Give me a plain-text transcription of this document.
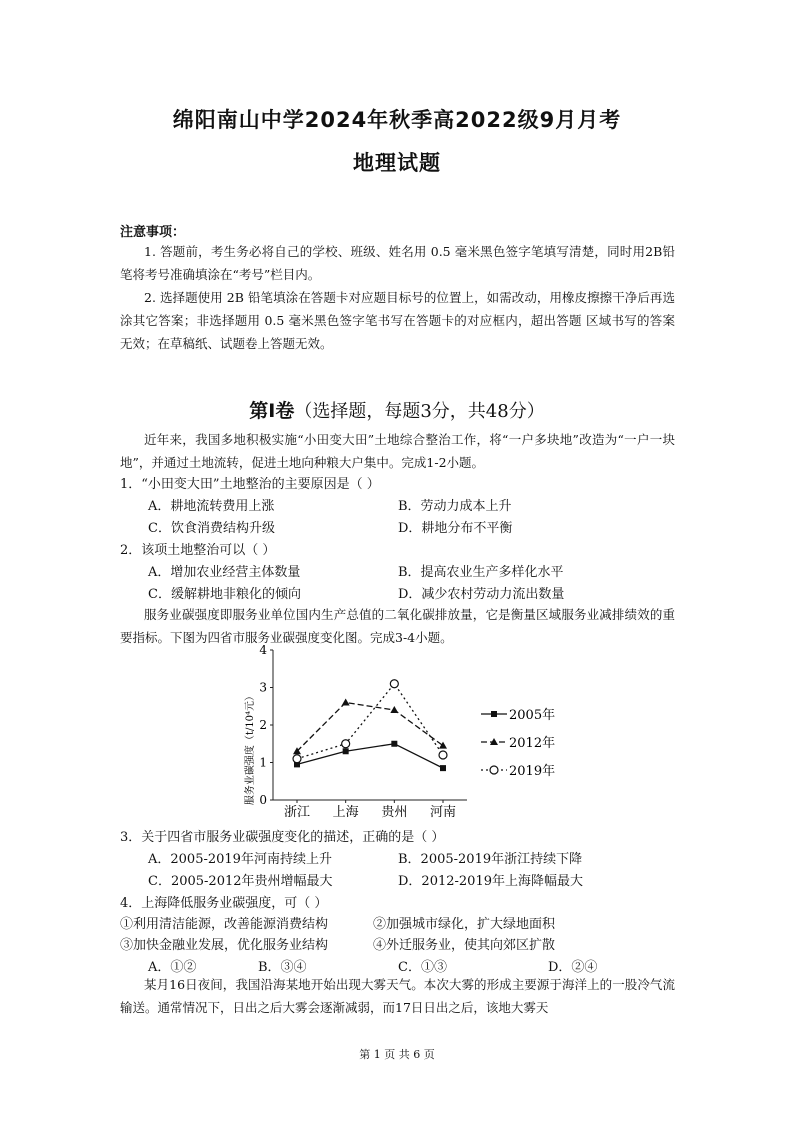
绵阳南山中学2024年秋季高2022级9月月考
地理试题
注意事项：
1. 答题前，考生务必将自己的学校、班级、姓名用 0.5 毫米黑色签字笔填写清楚，同时用2B铅笔将考号准确填涂在“考号”栏目内。
2. 选择题使用 2B 铅笔填涂在答题卡对应题目标号的位置上，如需改动，用橡皮擦擦干净后再选涂其它答案；非选择题用 0.5 毫米黑色签字笔书写在答题卡的对应框内，超出答题 区域书写的答案无效；在草稿纸、试题卷上答题无效。
第Ⅰ卷（选择题，每题3分，共48分）
近年来，我国多地积极实施“小田变大田”土地综合整治工作，将“一户多块地”改造为“一户一块地”，并通过土地流转，促进土地向种粮大户集中。完成1-2小题。
1．“小田变大田”土地整治的主要原因是（ ）
A．耕地流转费用上涨	B．劳动力成本上升
C．饮食消费结构升级	D．耕地分布不平衡
2．该项土地整治可以（ ）
A．增加农业经营主体数量	B．提高农业生产多样化水平
C．缓解耕地非粮化的倾向	D．减少农村劳动力流出数量
服务业碳强度即服务业单位国内生产总值的二氧化碳排放量，它是衡量区域服务业减排绩效的重要指标。下图为四省市服务业碳强度变化图。完成3-4小题。
0
1
2
3
4
浙江 上海 贵州 河南
服务业碳强度（t/10⁴元）	2005年
2012年
2019年
3．关于四省市服务业碳强度变化的描述，正确的是（ ）
A．2005-2019年河南持续上升	B．2005-2019年浙江持续下降
C．2005-2012年贵州增幅最大	D．2012-2019年上海降幅最大
4．上海降低服务业碳强度，可（ ）
①利用清洁能源，改善能源消费结构	②加强城市绿化，扩大绿地面积
③加快金融业发展，优化服务业结构	④外迁服务业，使其向郊区扩散
A．①②	B．③④	C．①③	D．②④
某月16日夜间，我国沿海某地开始出现大雾天气。本次大雾的形成主要源于海洋上的一股冷气流输送。通常情况下，日出之后大雾会逐渐减弱，而17日日出之后，该地大雾天
第 1 页 共 6 页
